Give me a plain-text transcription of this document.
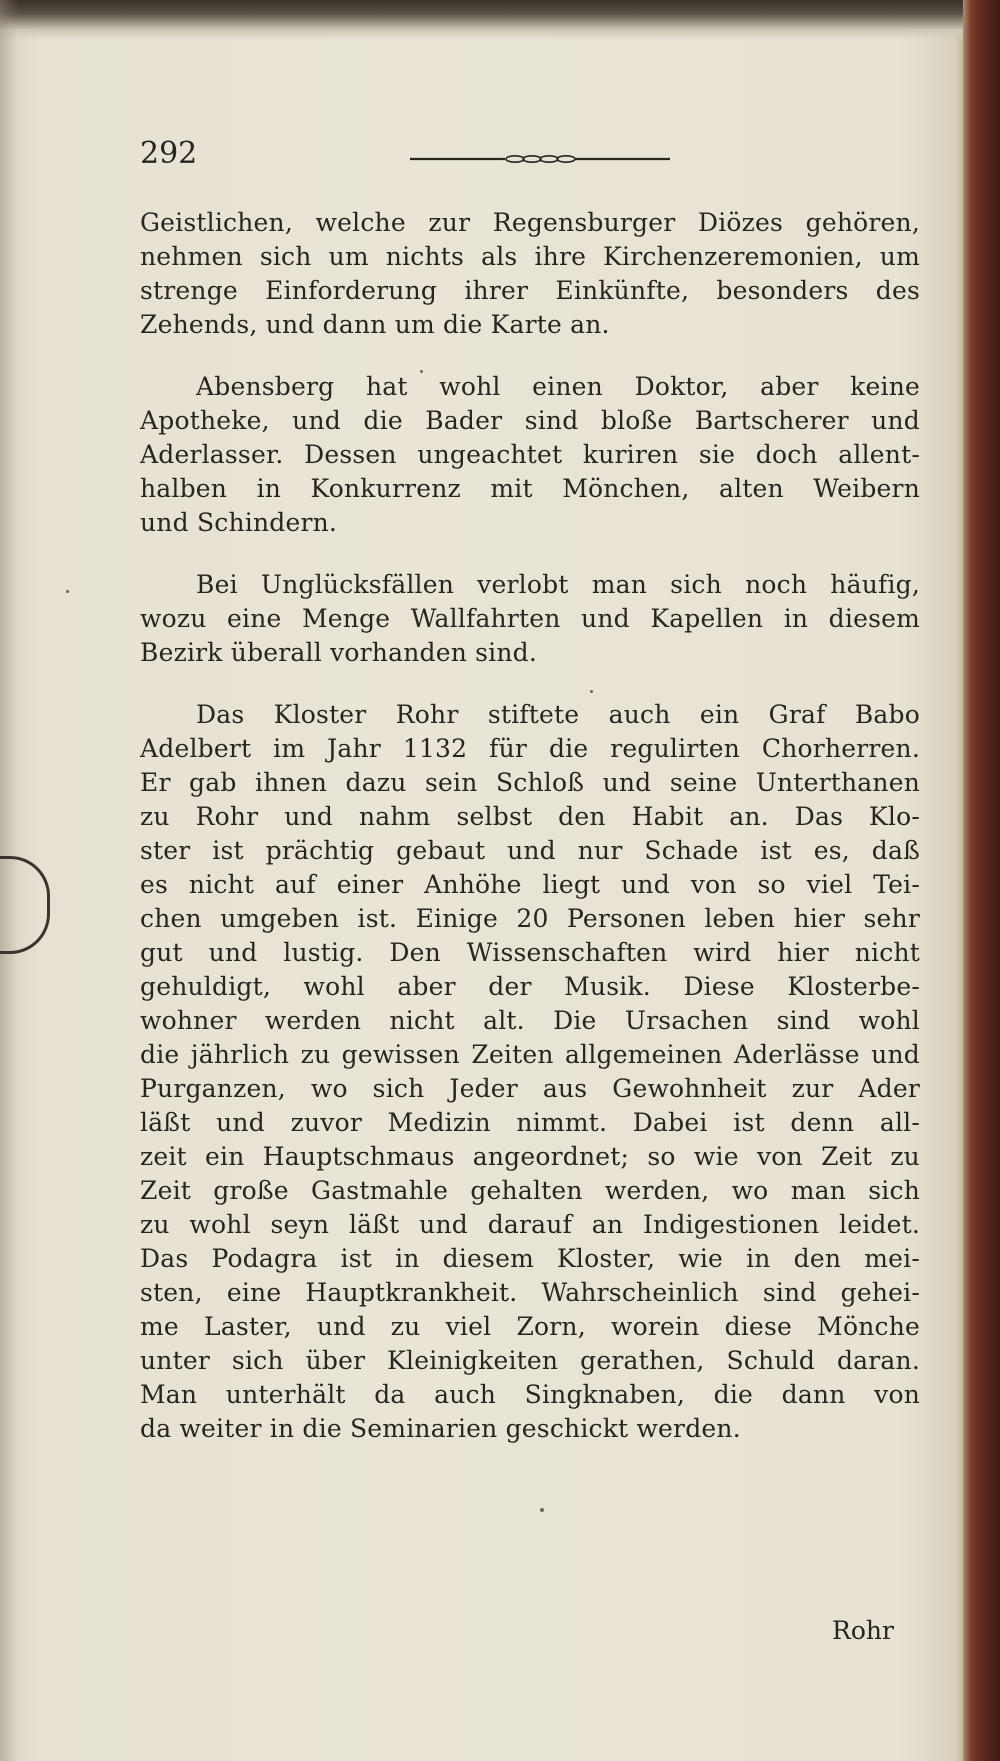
292
Geistlichen, welche zur Regensburger Diözes gehören,
nehmen sich um nichts als ihre Kirchenzeremonien, um
strenge Einforderung ihrer Einkünfte, besonders des
Zehends, und dann um die Karte an.
Abensberg hat wohl einen Doktor, aber keine
Apotheke, und die Bader sind bloße Bartscherer und
Aderlasser. Dessen ungeachtet kuriren sie doch allent-
halben in Konkurrenz mit Mönchen, alten Weibern
und Schindern.
Bei Unglücksfällen verlobt man sich noch häufig,
wozu eine Menge Wallfahrten und Kapellen in diesem
Bezirk überall vorhanden sind.
Das Kloster Rohr stiftete auch ein Graf Babo
Adelbert im Jahr 1132 für die regulirten Chorherren.
Er gab ihnen dazu sein Schloß und seine Unterthanen
zu Rohr und nahm selbst den Habit an. Das Klo-
ster ist prächtig gebaut und nur Schade ist es, daß
es nicht auf einer Anhöhe liegt und von so viel Tei-
chen umgeben ist. Einige 20 Personen leben hier sehr
gut und lustig. Den Wissenschaften wird hier nicht
gehuldigt, wohl aber der Musik. Diese Klosterbe-
wohner werden nicht alt. Die Ursachen sind wohl
die jährlich zu gewissen Zeiten allgemeinen Aderlässe und
Purganzen, wo sich Jeder aus Gewohnheit zur Ader
läßt und zuvor Medizin nimmt. Dabei ist denn all-
zeit ein Hauptschmaus angeordnet; so wie von Zeit zu
Zeit große Gastmahle gehalten werden, wo man sich
zu wohl seyn läßt und darauf an Indigestionen leidet.
Das Podagra ist in diesem Kloster, wie in den mei-
sten, eine Hauptkrankheit. Wahrscheinlich sind gehei-
me Laster, und zu viel Zorn, worein diese Mönche
unter sich über Kleinigkeiten gerathen, Schuld daran.
Man unterhält da auch Singknaben, die dann von
da weiter in die Seminarien geschickt werden.
Rohr
